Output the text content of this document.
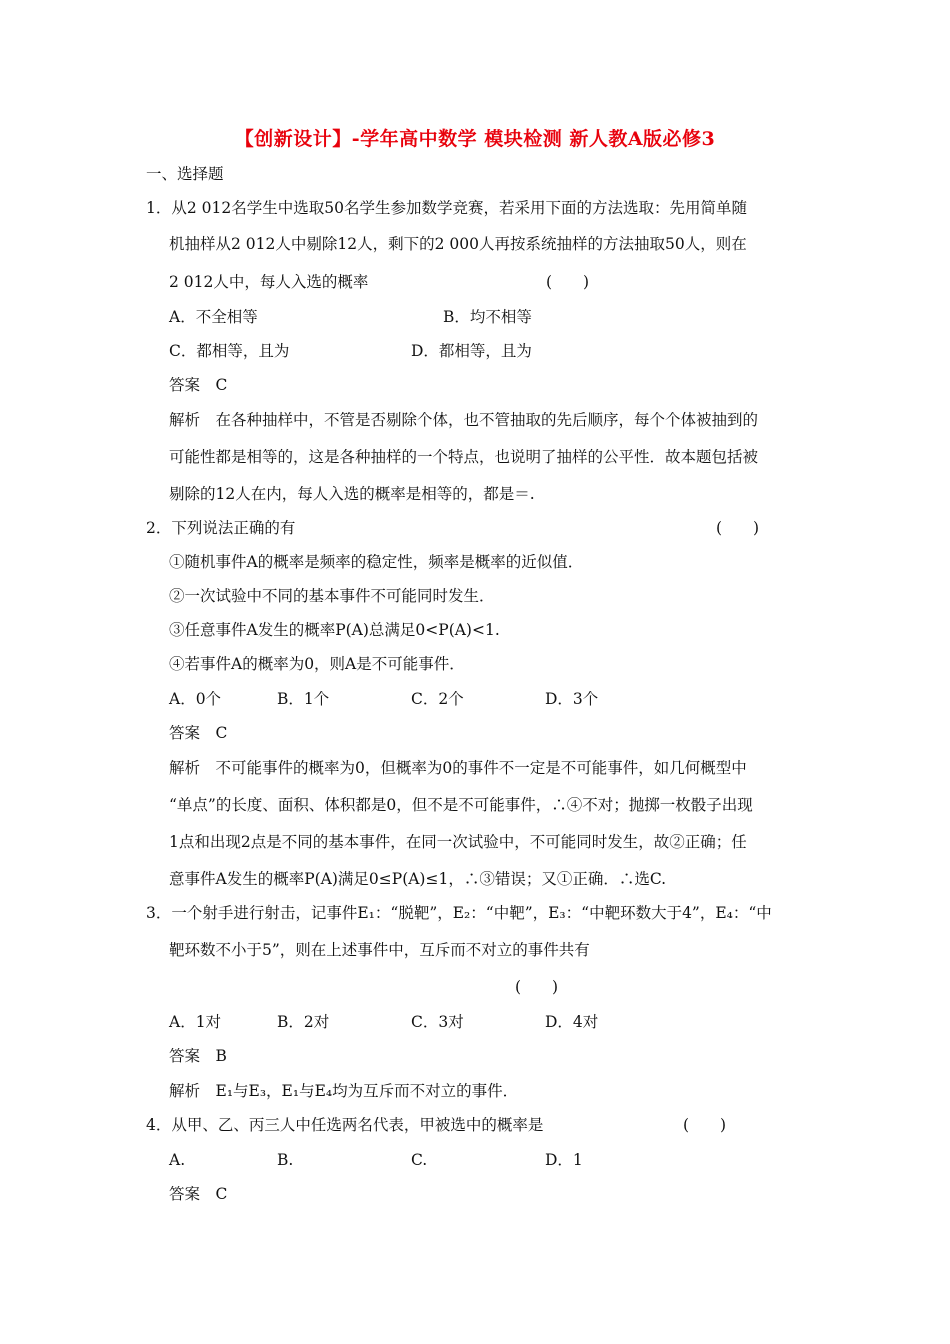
【创新设计】-学年高中数学 模块检测 新人教A版必修3
一、选择题
1．从2 012名学生中选取50名学生参加数学竞赛，若采用下面的方法选取：先用简单随
机抽样从2 012人中剔除12人，剩下的2 000人再按系统抽样的方法抽取50人，则在
2 012人中，每人入选的概率	(　　)
A．不全相等	B．均不相等
C．都相等，且为	D．都相等，且为
答案　C
解析　在各种抽样中，不管是否剔除个体，也不管抽取的先后顺序，每个个体被抽到的
可能性都是相等的，这是各种抽样的一个特点，也说明了抽样的公平性．故本题包括被
剔除的12人在内，每人入选的概率是相等的，都是＝.
2．下列说法正确的有	(　　)
①随机事件A的概率是频率的稳定性，频率是概率的近似值．
②一次试验中不同的基本事件不可能同时发生．
③任意事件A发生的概率P(A)总满足0<P(A)<1.
④若事件A的概率为0，则A是不可能事件．
A．0个	B．1个	C．2个	D．3个
答案　C
解析　不可能事件的概率为0，但概率为0的事件不一定是不可能事件，如几何概型中
“单点”的长度、面积、体积都是0，但不是不可能事件，∴④不对；抛掷一枚骰子出现
1点和出现2点是不同的基本事件，在同一次试验中，不可能同时发生，故②正确；任
意事件A发生的概率P(A)满足0≤P(A)≤1，∴③错误；又①正确．∴选C.
3．一个射手进行射击，记事件E₁：“脱靶”，E₂：“中靶”，E₃：“中靶环数大于4”，E₄：“中
靶环数不小于5”，则在上述事件中，互斥而不对立的事件共有
(　　)
A．1对	B．2对	C．3对	D．4对
答案　B
解析　E₁与E₃，E₁与E₄均为互斥而不对立的事件．
4．从甲、乙、丙三人中任选两名代表，甲被选中的概率是	(　　)
A.	B.	C.	D．1
答案　C
